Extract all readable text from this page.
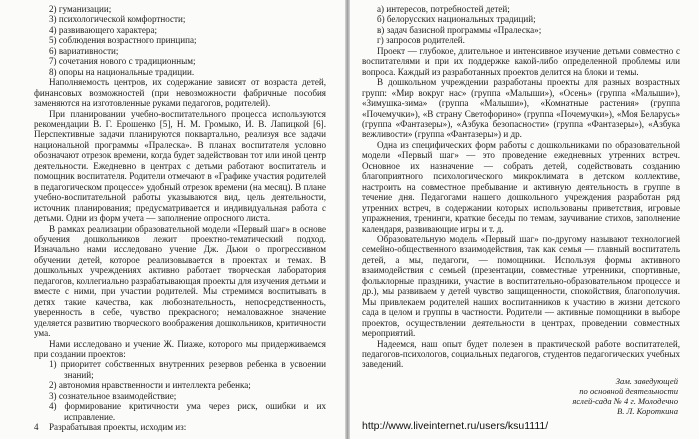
2) гуманизации;

3) психологической комфортности;

4) развивающего характера;

5) соблюдения возрастного принципа;

6) вариативности;

7) сочетания нового с традиционным;

8) опоры на национальные традиции.

Наполняемость центров, их содержание зависят от возраста детей, финансовых возможностей (при невозможности фабричные пособия заменяются на изготовленные руками педагогов, родителей).

При планировании учебно-воспитательного процесса используются рекомендации В. Г. Ерошенко [5], Н. М. Громыко, И. В. Лапицкой [6]. Перспективные задачи планируются поквартально, реализуя все задачи национальной программы «Пралеска». В планах воспитателя условно обозначают отрезок времени, когда будет задействован тот или иной центр деятельности. Ежедневно в центрах с детьми работают воспитатель и помощник воспитателя. Родители отмечают в «Графике участия родителей в педагогическом процессе» удобный отрезок времени (на месяц). В плане учебно-воспитательной работы указываются вид, цель деятельности, источник планирования; предусматривается и индивидуальная работа с детьми. Одни из форм учета — заполнение опросного листа.

В рамках реализации образовательной модели «Первый шаг» в основе обучения дошкольников лежит проектно-тематический подход. Изначально нами исследовано учение Дж. Дьюи о прогрессивном обучении детей, которое реализовывается в проектах и темах. В дошкольных учреждениях активно работает творческая лаборатория педагогов, коллегиально разрабатывающая проекты для изучения детьми и вместе с ними, при участии родителей. Мы стремимся воспитывать в детях такие качества, как любознательность, непосредственность, уверенность в себе, чувство прекрасного; немаловажное значение уделяется развитию творческого воображения дошкольников, критичности ума.

Нами исследовано и учение Ж. Пиаже, которого мы придерживаемся при создании проектов:

1) приоритет собственных внутренних резервов ребенка в усвоении знаний;

2) автономия нравственности и интеллекта ребенка;

3) сознательное взаимодействие;

4) формирование критичности ума через риск, ошибки и их исправление.

Разрабатывая проекты, исходим из:

4

а) интересов, потребностей детей;

б) белорусских национальных традиций;

в) задач базисной программы «Пралеска»;

г) запросов родителей.

Проект — глубокое, длительное и интенсивное изучение детьми совместно с воспитателями и при их поддержке какой-либо определенной проблемы или вопроса. Каждый из разработанных проектов делится на блоки и темы.

В дошкольном учреждении разработаны проекты для разных возрастных групп: «Мир вокруг нас» (группа «Малыши»), «Осень» (группа «Малыши»), «Зимушка-зима» (группа «Малыши»), «Комнатные растения» (группа «Почемучки»), «В страну Светофорино» (группа «Почемучки»), «Моя Беларусь» (группа «Фантазеры»), «Азбука безопасности» (группа «Фантазеры»), «Азбука вежливости» (группа «Фантазеры») и др.

Одна из специфических форм работы с дошкольниками по образовательной модели «Первый шаг» — это проведение ежедневных утренних встреч. Основное их назначение — собрать детей, содействовать созданию благоприятного психологического микроклимата в детском коллективе, настроить на совместное пребывание и активную деятельность в группе в течение дня. Педагогами нашего дошкольного учреждения разработан ряд утренних встреч, в содержании которых использованы приветствия, игровые упражнения, тренинги, краткие беседы по темам, заучивание стихов, заполнение календаря, развивающие игры и т. д.

Образовательную модель «Первый шаг» по-другому называют технологией семейно-общественного взаимодействия, так как семья — главный воспитатель детей, а мы, педагоги, — помощники. Используя формы активного взаимодействия с семьей (презентации, совместные утренники, спортивные, фольклорные праздники, участие в воспитательно-образовательном процессе и др.), мы развиваем у детей чувство защищенности, спокойствия, благополучия. Мы привлекаем родителей наших воспитанников к участию в жизни детского сада в целом и группы в частности. Родители — активные помощники в выборе проектов, осуществлении деятельности в центрах, проведении совместных мероприятий.

Надеемся, наш опыт будет полезен в практической работе воспитателей, педагогов-психологов, социальных педагогов, студентов педагогических учебных заведений.

Зам. заведующей
по основной деятельности
яслей-сада № 4 г. Молодечно
В. Л. Короткина
http://www.liveinternet.ru/users/ksu1111/
